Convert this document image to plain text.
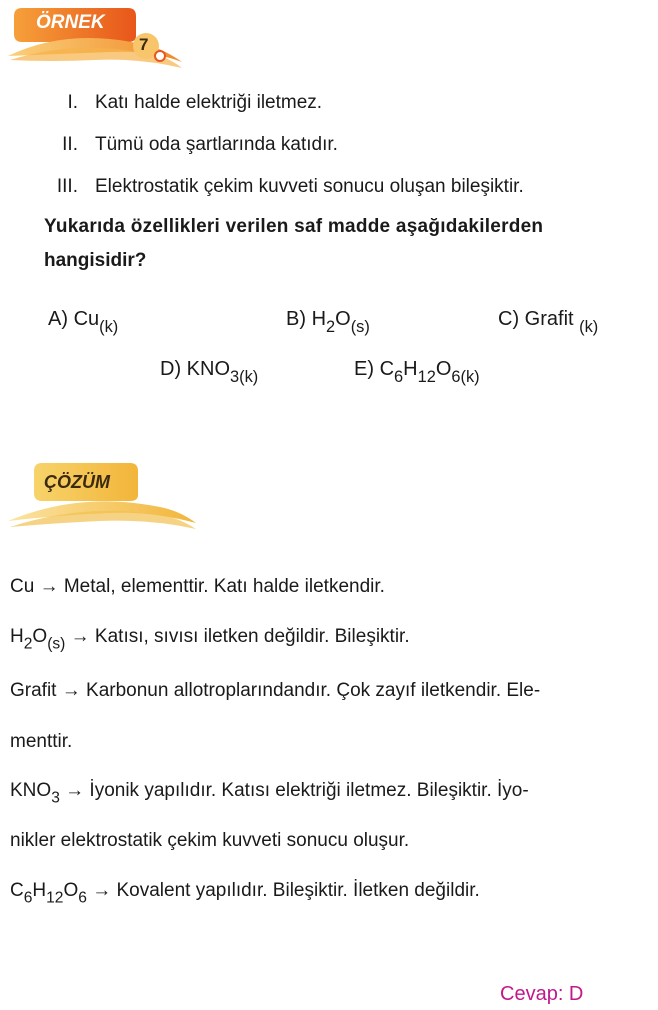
ÖRNEK
7
I. Katı halde elektriği iletmez.
II. Tümü oda şartlarında katıdır.
III. Elektrostatik çekim kuvveti sonucu oluşan bileşiktir.
Yukarıda özellikleri verilen saf madde aşağıdakilerden
hangisidir?
A) $Cu_{(k)}$	B) $H_2O_{(s)}$	C) Grafit $_{(k)}$
D) $KNO_{3(k)}$	E) $C_6H_{12}O_{6(k)}$
ÇÖZÜM
Cu → Metal, elementtir. Katı halde iletkendir.
$H_2O_{(s)}$ → Katısı, sıvısı iletken değildir. Bileşiktir.
Grafit → Karbonun allotroplarındandır. Çok zayıf iletkendir. Ele-
menttir.
$KNO_3$ → İyonik yapılıdır. Katısı elektriği iletmez. Bileşiktir. İyo-
nikler elektrostatik çekim kuvveti sonucu oluşur.
$C_6H_{12}O_6$ → Kovalent yapılıdır. Bileşiktir. İletken değildir.
Cevap: D
